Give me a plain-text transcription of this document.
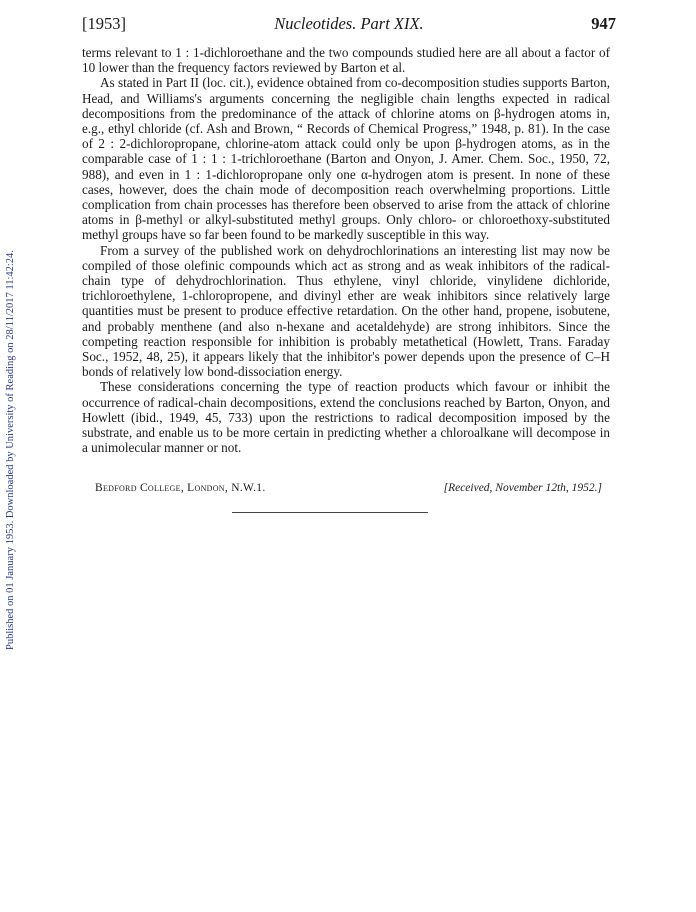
Published on 01 January 1953. Downloaded by University of Reading on 28/11/2017 11:42:24.
[1953]	Nucleotides. Part XIX.	947

terms relevant to 1 : 1-dichloroethane and the two compounds studied here are all about a factor of 10 lower than the frequency factors reviewed by Barton et al.

As stated in Part II (loc. cit.), evidence obtained from co-decomposition studies supports Barton, Head, and Williams's arguments concerning the negligible chain lengths expected in radical decompositions from the predominance of the attack of chlorine atoms on β-hydrogen atoms in, e.g., ethyl chloride (cf. Ash and Brown, “ Records of Chemical Progress,” 1948, p. 81). In the case of 2 : 2-dichloropropane, chlorine-atom attack could only be upon β-hydrogen atoms, as in the comparable case of 1 : 1 : 1-trichloroethane (Barton and Onyon, J. Amer. Chem. Soc., 1950, 72, 988), and even in 1 : 1-dichloropropane only one α-hydrogen atom is present. In none of these cases, however, does the chain mode of decomposition reach overwhelming proportions. Little complication from chain processes has therefore been observed to arise from the attack of chlorine atoms in β-methyl or alkyl-substituted methyl groups. Only chloro- or chloroethoxy-substituted methyl groups have so far been found to be markedly susceptible in this way.

From a survey of the published work on dehydrochlorinations an interesting list may now be compiled of those olefinic compounds which act as strong and as weak inhibitors of the radical-chain type of dehydrochlorination. Thus ethylene, vinyl chloride, vinylidene dichloride, trichloroethylene, 1-chloropropene, and divinyl ether are weak inhibitors since relatively large quantities must be present to produce effective retardation. On the other hand, propene, isobutene, and probably menthene (and also n-hexane and acetaldehyde) are strong inhibitors. Since the competing reaction responsible for inhibition is probably metathetical (Howlett, Trans. Faraday Soc., 1952, 48, 25), it appears likely that the inhibitor's power depends upon the presence of C–H bonds of relatively low bond-dissociation energy.

These considerations concerning the type of reaction products which favour or inhibit the occurrence of radical-chain decompositions, extend the conclusions reached by Barton, Onyon, and Howlett (ibid., 1949, 45, 733) upon the restrictions to radical decomposition imposed by the substrate, and enable us to be more certain in predicting whether a chloroalkane will decompose in a unimolecular manner or not.

Bedford College, London, N.W.1.	[Received, November 12th, 1952.]
